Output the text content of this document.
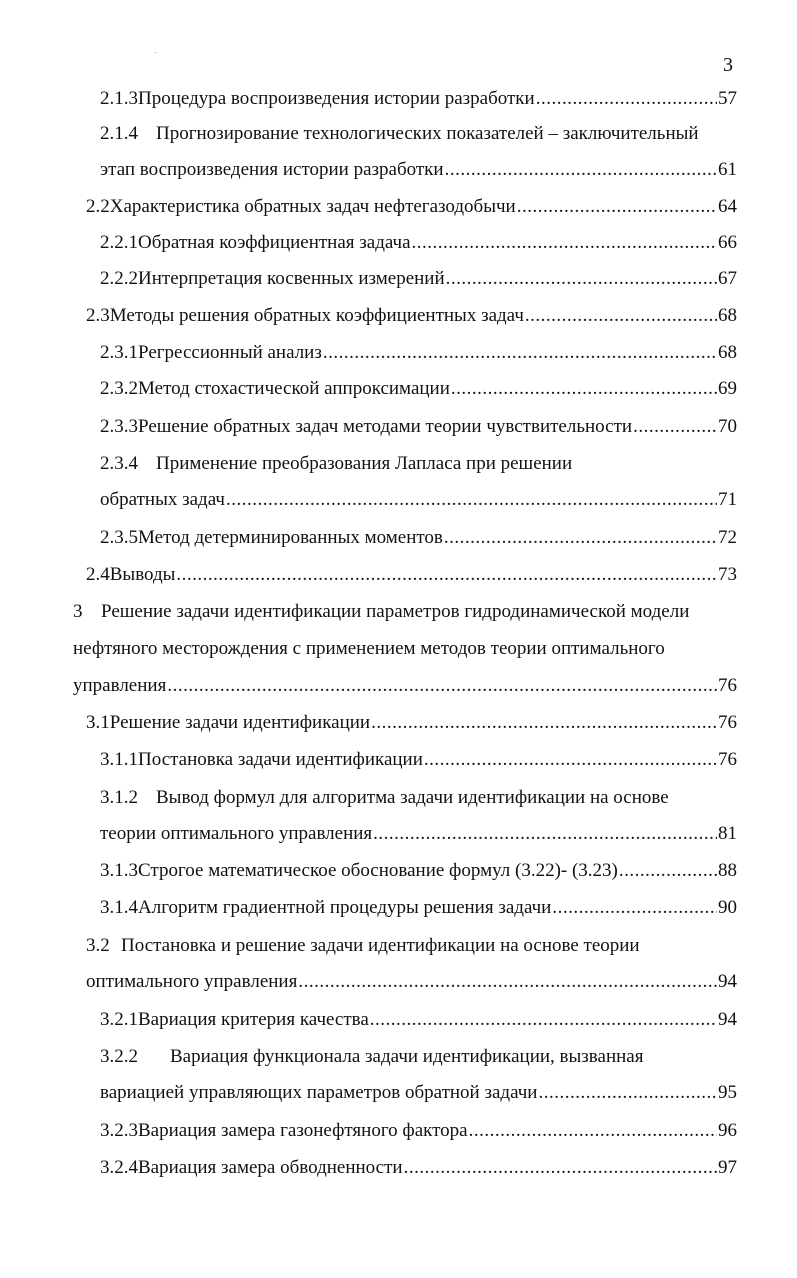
3
2.1.3 Процедура воспроизведения истории разработки .....	57
2.1.4 Прогнозирование технологических показателей – заключительный
этап воспроизведения истории разработки .....	61
2.2 Характеристика обратных задач нефтегазодобычи .....	64
2.2.1 Обратная коэффициентная задача .....	66
2.2.2 Интерпретация косвенных измерений .....	67
2.3 Методы решения обратных коэффициентных задач .....	68
2.3.1 Регрессионный анализ .....	68
2.3.2 Метод стохастической аппроксимации .....	69
2.3.3 Решение обратных задач методами теории чувствительности .....	70
2.3.4 Применение преобразования Лапласа при решении
обратных задач .....	71
2.3.5 Метод детерминированных моментов .....	72
2.4 Выводы .....	73
3 Решение задачи идентификации параметров гидродинамической модели
нефтяного месторождения с применением методов теории оптимального
управления .....	76
3.1 Решение задачи идентификации .....	76
3.1.1 Постановка задачи идентификации .....	76
3.1.2 Вывод формул для алгоритма задачи идентификации на основе
теории оптимального управления .....	81
3.1.3 Строгое математическое обоснование формул (3.22)- (3.23) .....	88
3.1.4 Алгоритм градиентной процедуры решения задачи .....	90
3.2 Постановка и решение задачи идентификации на основе теории
оптимального управления .....	94
3.2.1 Вариация критерия качества .....	94
3.2.2	Вариация функционала задачи идентификации, вызванная
вариацией управляющих параметров обратной задачи .....	95
3.2.3 Вариация замера газонефтяного фактора .....	96
3.2.4 Вариация замера обводненности .....	97
